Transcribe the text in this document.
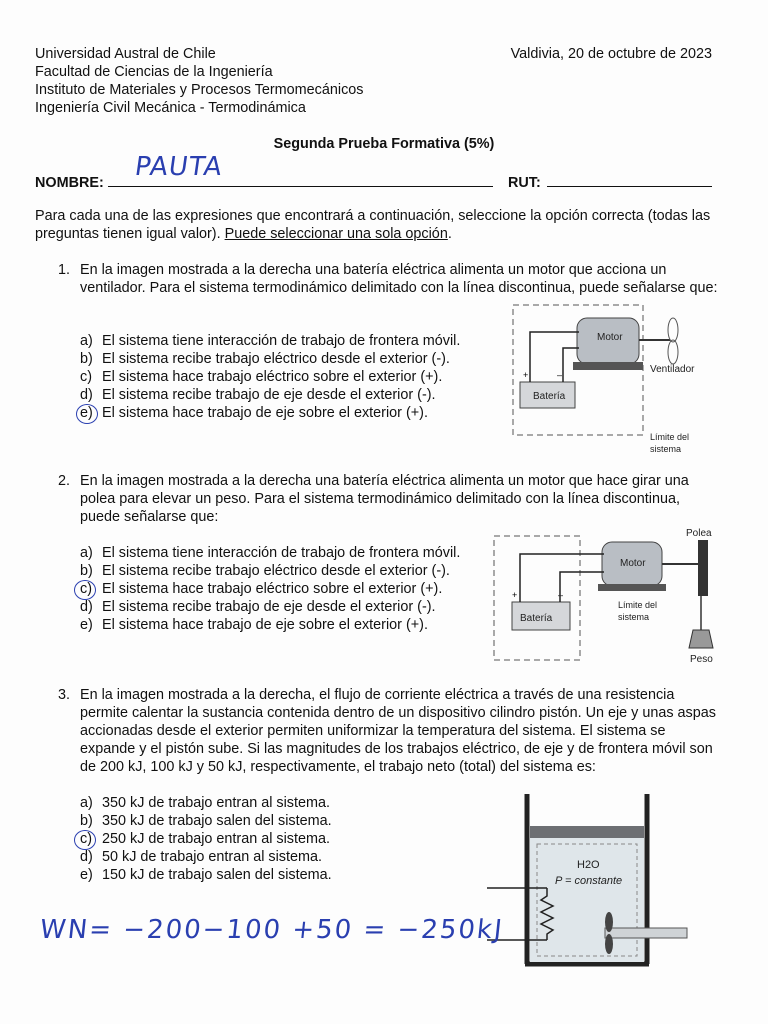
Universidad Austral de Chile
Facultad de Ciencias de la Ingeniería
Instituto de Materiales y Procesos Termomecánicos
Ingeniería Civil Mecánica - Termodinámica
Valdivia, 20 de octubre de 2023
Segunda Prueba Formativa (5%)
NOMBRE:
PAUTA
RUT:
Para cada una de las expresiones que encontrará a continuación, seleccione la opción correcta (todas las preguntas tienen igual valor). Puede seleccionar una sola opción.
1. En la imagen mostrada a la derecha una batería eléctrica alimenta un motor que acciona un ventilador. Para el sistema termodinámico delimitado con la línea discontinua, puede señalarse que:
a) El sistema tiene interacción de trabajo de frontera móvil.
b) El sistema recibe trabajo eléctrico desde el exterior (-).
c) El sistema hace trabajo eléctrico sobre el exterior (+).
d) El sistema recibe trabajo de eje desde el exterior (-).
e) El sistema hace trabajo de eje sobre el exterior (+).
Motor
Ventilador
Batería
+	–
Límite del
sistema
2. En la imagen mostrada a la derecha una batería eléctrica alimenta un motor que hace girar una polea para elevar un peso. Para el sistema termodinámico delimitado con la línea discontinua, puede señalarse que:
a) El sistema tiene interacción de trabajo de frontera móvil.
b) El sistema recibe trabajo eléctrico desde el exterior (-).
c) El sistema hace trabajo eléctrico sobre el exterior (+).
d) El sistema recibe trabajo de eje desde el exterior (-).
e) El sistema hace trabajo de eje sobre el exterior (+).
Polea
Motor
Peso
Batería
+	–
Límite del
sistema
3. En la imagen mostrada a la derecha, el flujo de corriente eléctrica a través de una resistencia permite calentar la sustancia contenida dentro de un dispositivo cilindro pistón. Un eje y unas aspas accionadas desde el exterior permiten uniformizar la temperatura del sistema. El sistema se expande y el pistón sube. Si las magnitudes de los trabajos eléctrico, de eje y de frontera móvil son de 200 kJ, 100 kJ y 50 kJ, respectivamente, el trabajo neto (total) del sistema es:
a) 350 kJ de trabajo entran al sistema.
b) 350 kJ de trabajo salen del sistema.
c) 250 kJ de trabajo entran al sistema.
d) 50 kJ de trabajo entran al sistema.
e) 150 kJ de trabajo salen del sistema.
H2O
P = constante
WN= −200−100 +50 = −250kJ
